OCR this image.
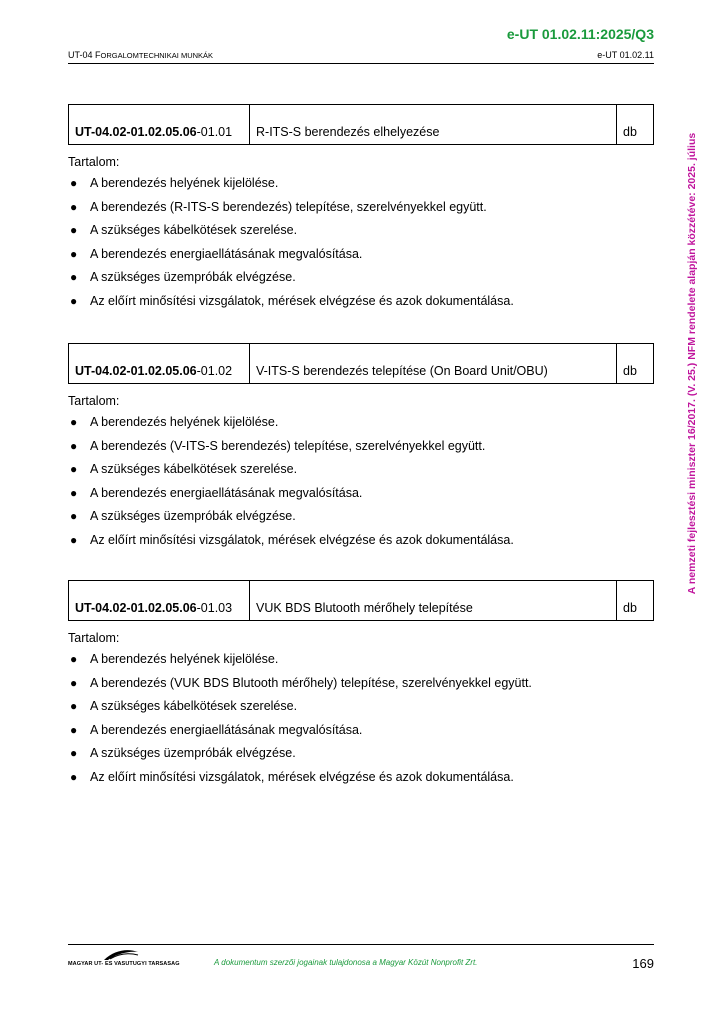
e-UT 01.02.11:2025/Q3
UT-04 FORGALOMTECHNIKAI MUNKÁK	e-UT 01.02.11
A nemzeti fejlesztési miniszter 16/2017. (V. 25.) NFM rendelete alapján közzétéve: 2025. július
UT-04.02-01.02.05.06-01.01	R-ITS-S berendezés elhelyezése	db
Tartalom:
● A berendezés helyének kijelölése.
● A berendezés (R-ITS-S berendezés) telepítése, szerelvényekkel együtt.
● A szükséges kábelkötések szerelése.
● A berendezés energiaellátásának megvalósítása.
● A szükséges üzempróbák elvégzése.
● Az előírt minősítési vizsgálatok, mérések elvégzése és azok dokumentálása.
UT-04.02-01.02.05.06-01.02	V-ITS-S berendezés telepítése (On Board Unit/OBU)	db
Tartalom:
● A berendezés helyének kijelölése.
● A berendezés (V-ITS-S berendezés) telepítése, szerelvényekkel együtt.
● A szükséges kábelkötések szerelése.
● A berendezés energiaellátásának megvalósítása.
● A szükséges üzempróbák elvégzése.
● Az előírt minősítési vizsgálatok, mérések elvégzése és azok dokumentálása.
UT-04.02-01.02.05.06-01.03	VUK BDS Blutooth mérőhely telepítése	db
Tartalom:
● A berendezés helyének kijelölése.
● A berendezés (VUK BDS Blutooth mérőhely) telepítése, szerelvényekkel együtt.
● A szükséges kábelkötések szerelése.
● A berendezés energiaellátásának megvalósítása.
● A szükséges üzempróbák elvégzése.
● Az előírt minősítési vizsgálatok, mérések elvégzése és azok dokumentálása.
MAGYAR UT- ES VASUTUGYI TARSASAG	A dokumentum szerzői jogainak tulajdonosa a Magyar Közút Nonprofit Zrt.	169
